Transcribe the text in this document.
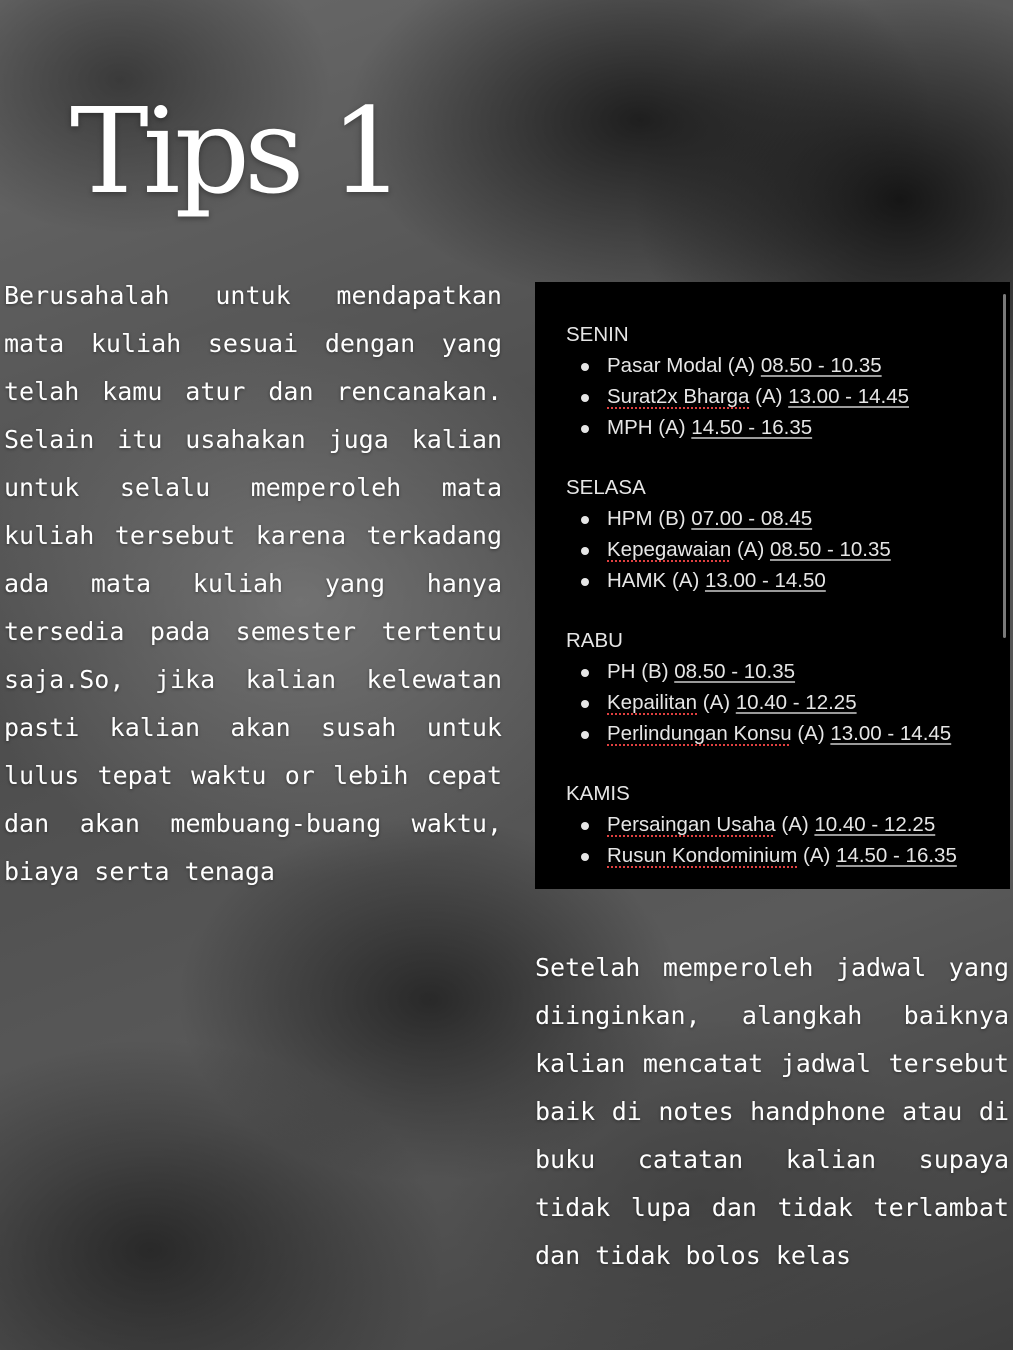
Tips 1

Berusahalah untuk mendapatkan mata kuliah sesuai dengan yang telah kamu atur dan rencanakan. Selain itu usahakan juga kalian untuk selalu memperoleh mata kuliah tersebut karena terkadang ada mata kuliah yang hanya tersedia pada semester tertentu saja.So, jika kalian kelewatan pasti kalian akan susah untuk lulus tepat waktu or lebih cepat dan akan membuang-buang waktu, biaya serta tenaga

SENIN
Pasar Modal (A) 08.50 - 10.35
Surat2x Bharga (A) 13.00 - 14.45
MPH (A) 14.50 - 16.35
SELASA
HPM (B) 07.00 - 08.45
Kepegawaian (A) 08.50 - 10.35
HAMK (A) 13.00 - 14.50
RABU
PH (B) 08.50 - 10.35
Kepailitan (A) 10.40 - 12.25
Perlindungan Konsu (A) 13.00 - 14.45
KAMIS
Persaingan Usaha (A) 10.40 - 12.25
Rusun Kondominium (A) 14.50 - 16.35

Setelah memperoleh jadwal yang diinginkan, alangkah baiknya kalian mencatat jadwal tersebut baik di notes handphone atau di buku catatan kalian supaya tidak lupa dan tidak terlambat dan tidak bolos kelas
